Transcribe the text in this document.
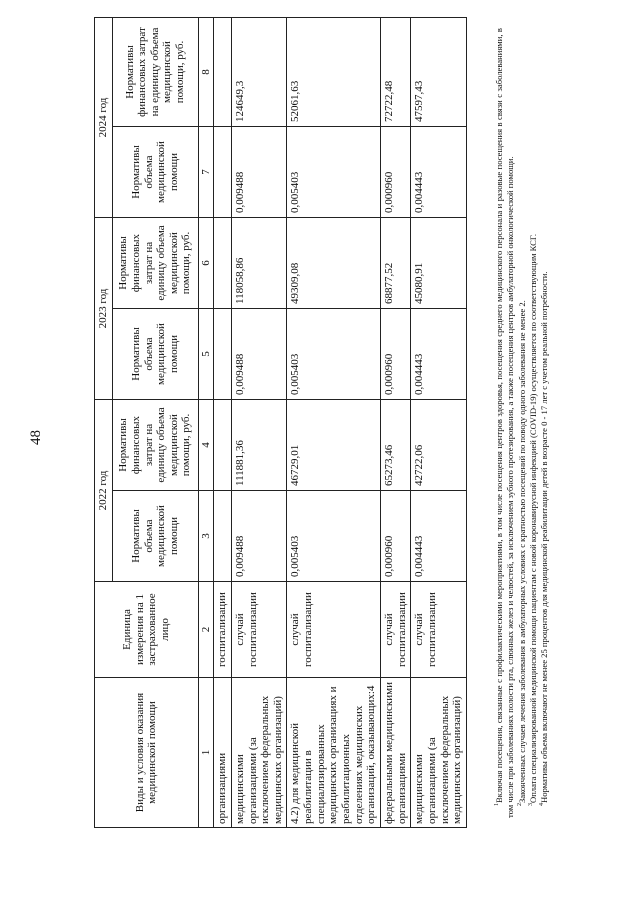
48
Виды и условия оказания медицинской помощи	Единица измерения на 1 застрахованное лицо	2022 год		2023 год		2024 год	
		Нормативы объема медицинской помощи	Нормативы финансовых затрат на единицу объема медицинской помощи, руб.	Нормативы объема медицинской помощи	Нормативы финансовых затрат на единицу объема медицинской помощи, руб.	Нормативы объема медицинской помощи	Нормативы финансовых затрат на единицу объема медицинской помощи, руб.
1	2	3	4	5	6	7	8
организациями	госпитализации						
медицинскими организациями (за исключением федеральных медицинских организаций)	случай госпитализации	0,009488	111881,36	0,009488	118058,86	0,009488	124649,3
4.2) для медицинской реабилитации в специализированных медицинских организациях и реабилитационных отделениях медицинских организаций, оказывающих:4	случай госпитализации	0,005403	46729,01	0,005403	49309,08	0,005403	52061,63
федеральными медицинскими организациями	случай госпитализации	0,000960	65273,46	0,000960	68877,52	0,000960	72722,48
медицинскими организациями (за исключением федеральных медицинских организаций)	случай госпитализации	0,004443	42722,06	0,004443	45080,91	0,004443	47597,43

$^1$Включая посещения, связанные с профилактическими мероприятиями, в том числе посещения центров здоровья, посещения среднего медицинского персонала и разовые посещения в связи с заболеваниями, в том числе при заболеваниях полости рта, слюнных желез и челюстей, за исключением зубного протезирования, а также посещения центров амбулаторной онкологической помощи. $^2$Законченных случаев лечения заболевания в амбулаторных условиях с кратностью посещений по поводу одного заболевания не менее 2.

$^3$Оплата специализированной медицинской помощи пациентам с новой коронавирусной инфекцией (COVID-19) осуществляется по соответствующим КСГ.

$^4$Нормативы объема включают не менее 25 процентов для медицинской реабилитации детей в возрасте 0 - 17 лет с учетом реальной потребности.
